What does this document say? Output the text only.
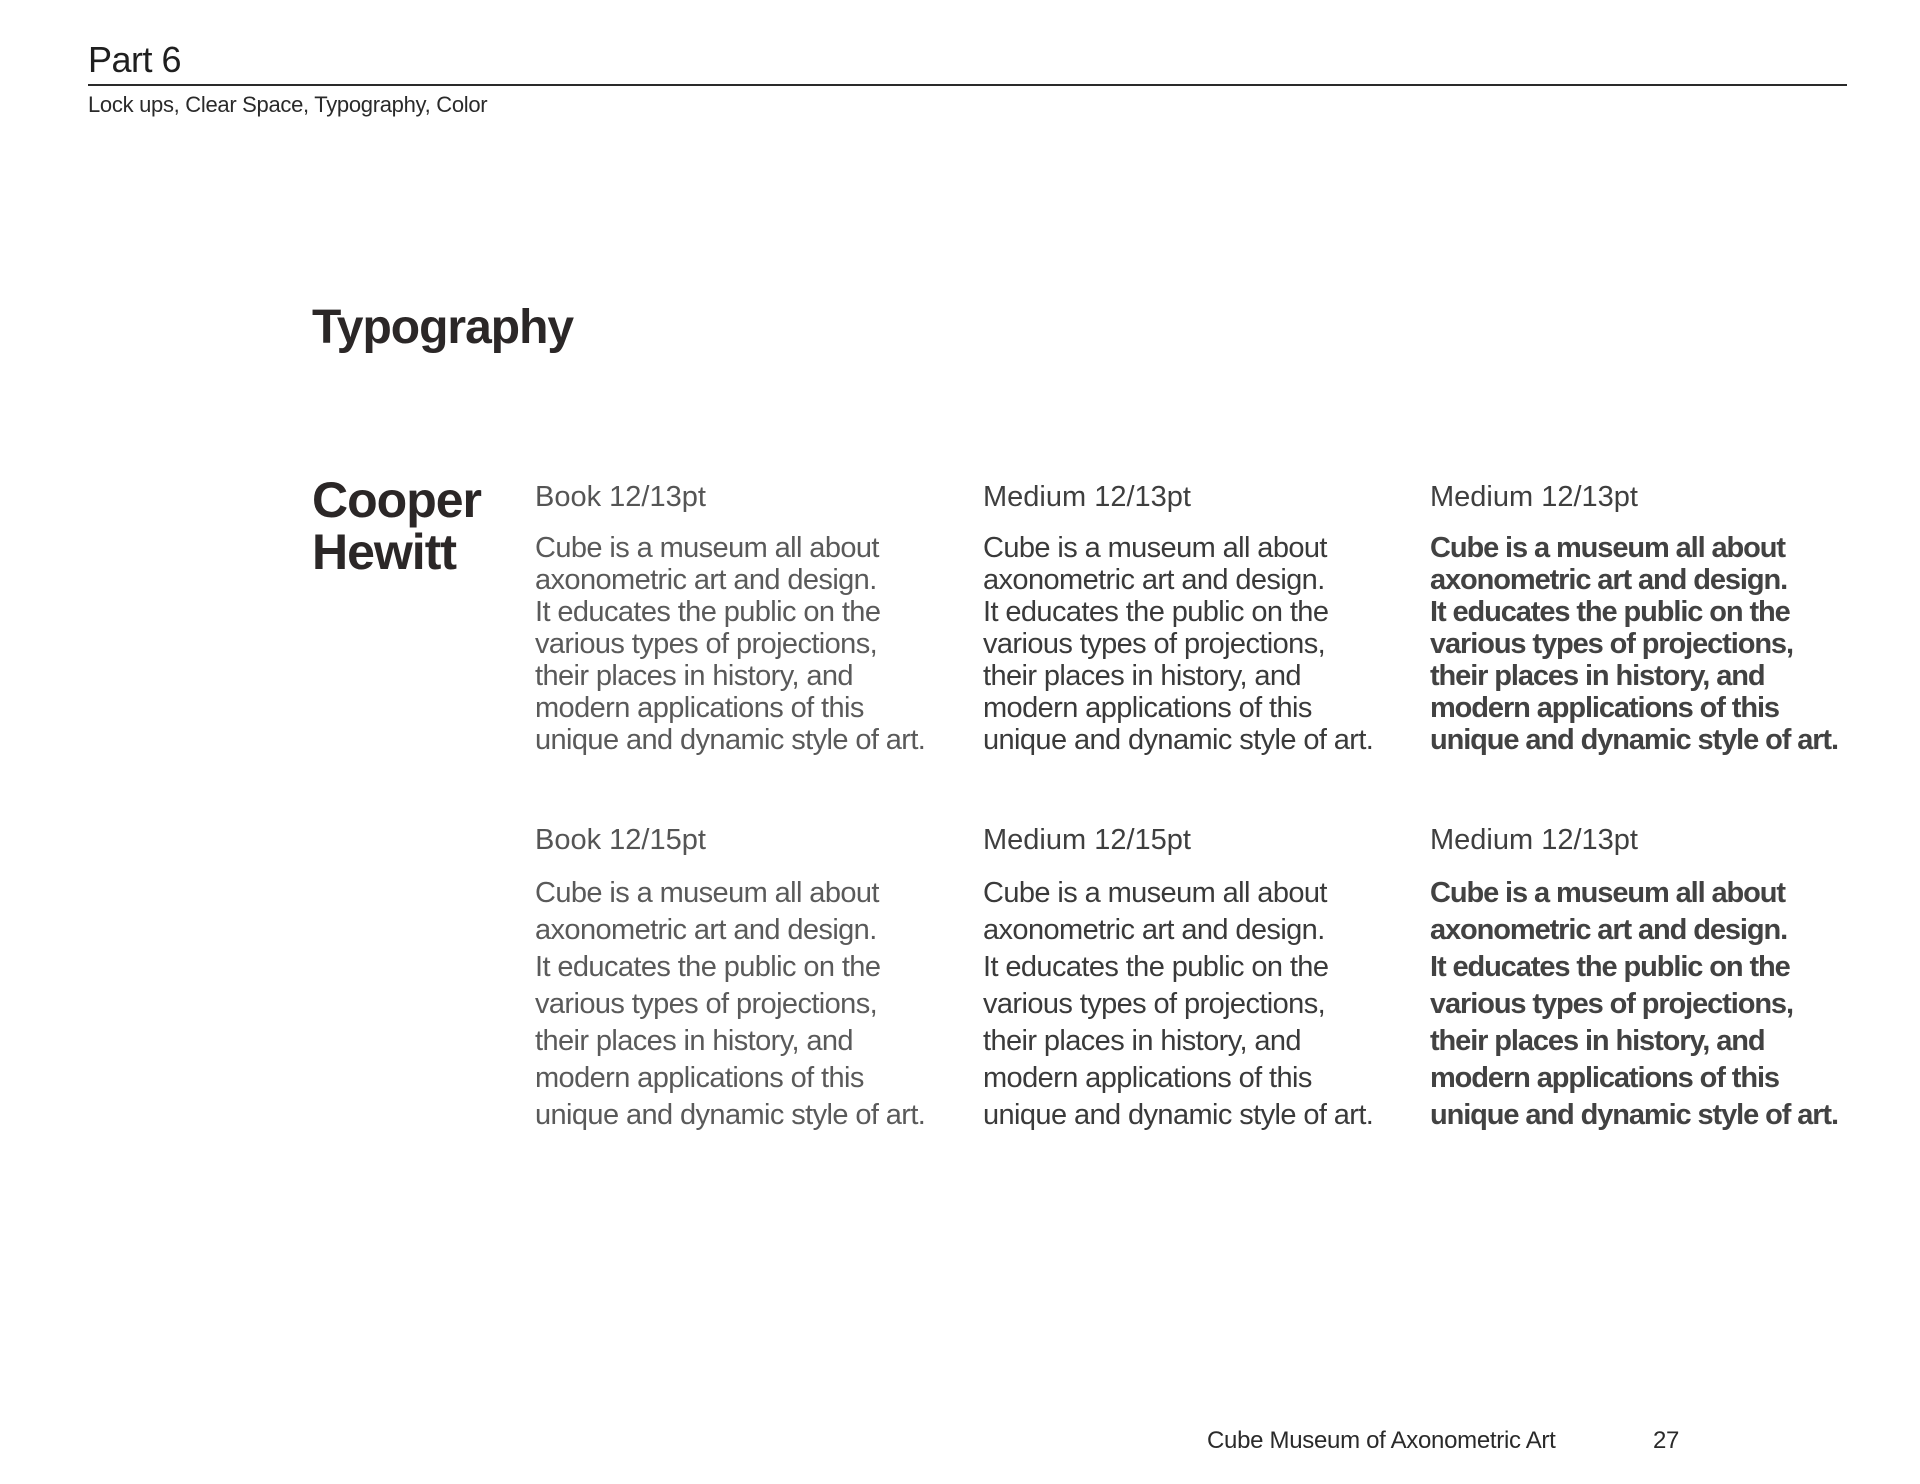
Part 6
Lock ups, Clear Space, Typography, Color
Typography
Cooper
Hewitt
Book 12/13pt
Cube is a museum all about
axonometric art and design.
It educates the public on the
various types of projections,
their places in history, and
modern applications of this
unique and dynamic style of art.
Medium 12/13pt
Cube is a museum all about
axonometric art and design.
It educates the public on the
various types of projections,
their places in history, and
modern applications of this
unique and dynamic style of art.
Medium 12/13pt
Cube is a museum all about
axonometric art and design.
It educates the public on the
various types of projections,
their places in history, and
modern applications of this
unique and dynamic style of art.
Book 12/15pt
Cube is a museum all about
axonometric art and design.
It educates the public on the
various types of projections,
their places in history, and
modern applications of this
unique and dynamic style of art.
Medium 12/15pt
Cube is a museum all about
axonometric art and design.
It educates the public on the
various types of projections,
their places in history, and
modern applications of this
unique and dynamic style of art.
Medium 12/13pt
Cube is a museum all about
axonometric art and design.
It educates the public on the
various types of projections,
their places in history, and
modern applications of this
unique and dynamic style of art.
Cube Museum of Axonometric Art	27
